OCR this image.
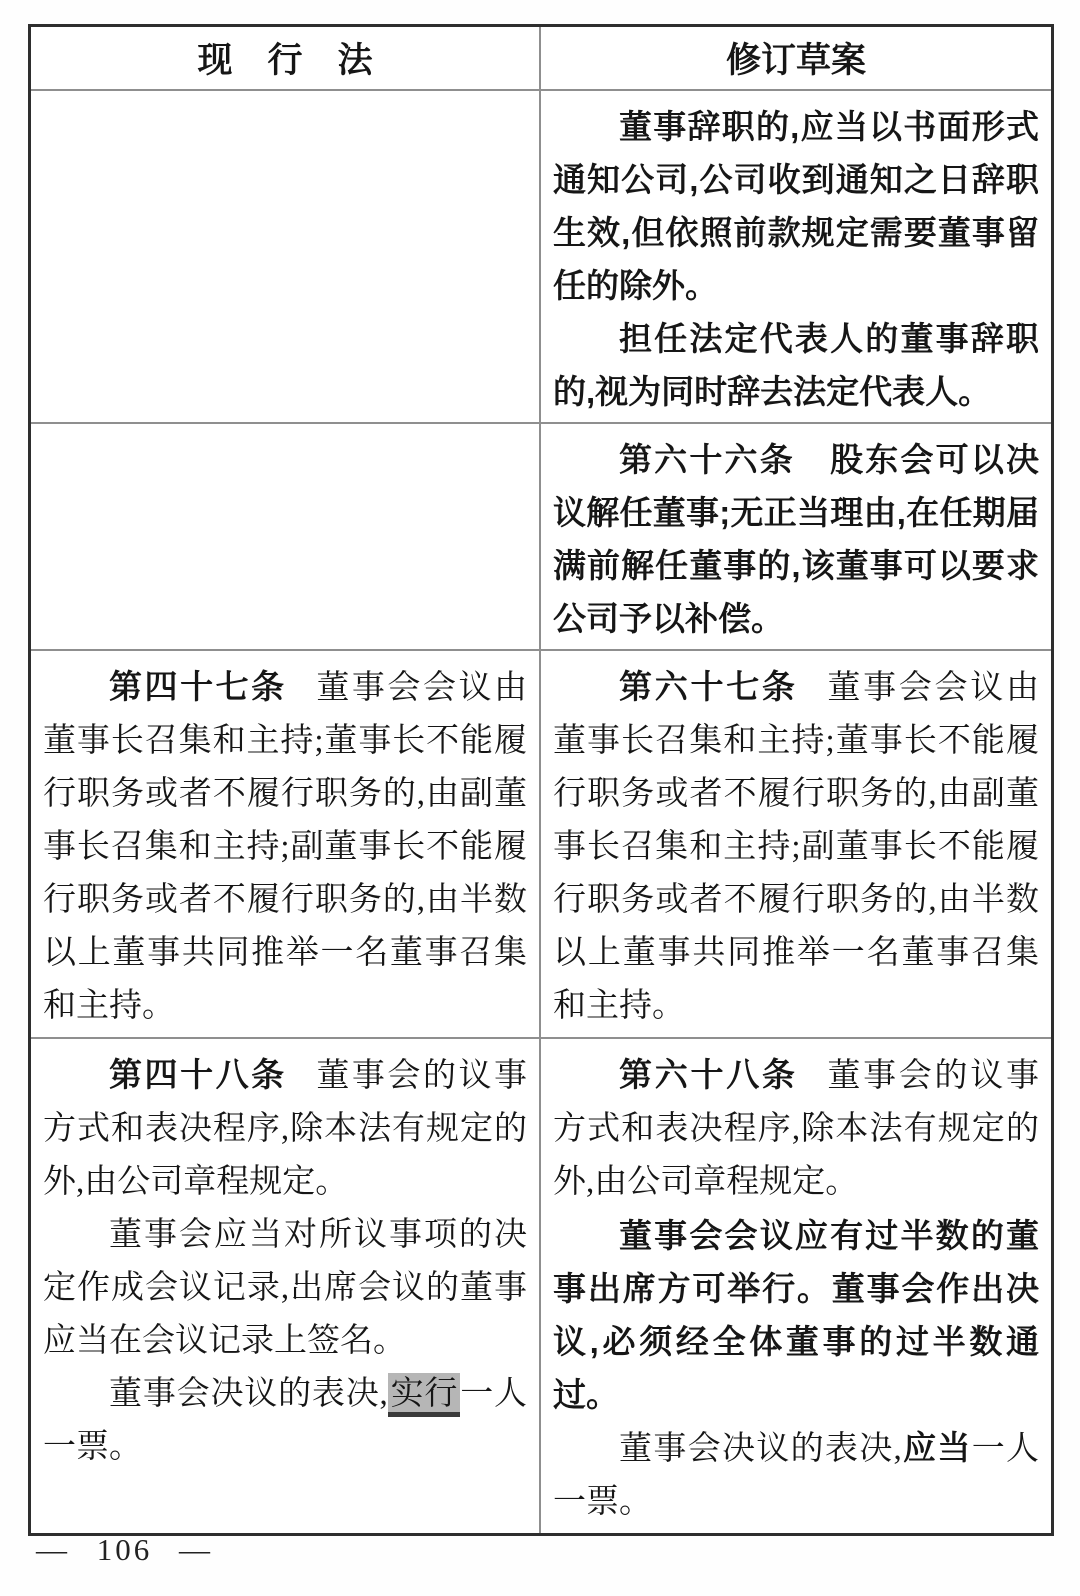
现　行　法	修订草案

董事辞职的,应当以书面形式通知公司,公司收到通知之日辞职生效,但依照前款规定需要董事留任的除外。

担任法定代表人的董事辞职的,视为同时辞去法定代表人。

第六十六条　股东会可以决议解任董事;无正当理由,在任期届满前解任董事的,该董事可以要求公司予以补偿。

第四十七条 董事会会议由董事长召集和主持;董事长不能履行职务或者不履行职务的,由副董事长召集和主持;副董事长不能履行职务或者不履行职务的,由半数以上董事共同推举一名董事召集和主持。

第六十七条 董事会会议由董事长召集和主持;董事长不能履行职务或者不履行职务的,由副董事长召集和主持;副董事长不能履行职务或者不履行职务的,由半数以上董事共同推举一名董事召集和主持。

第四十八条 董事会的议事方式和表决程序,除本法有规定的外,由公司章程规定。

董事会应当对所议事项的决定作成会议记录,出席会议的董事应当在会议记录上签名。

董事会决议的表决,实行一人一票。

第六十八条 董事会的议事方式和表决程序,除本法有规定的外,由公司章程规定。

董事会会议应有过半数的董事出席方可举行。董事会作出决议,必须经全体董事的过半数通过。

董事会决议的表决,应当一人一票。

— 106 —
